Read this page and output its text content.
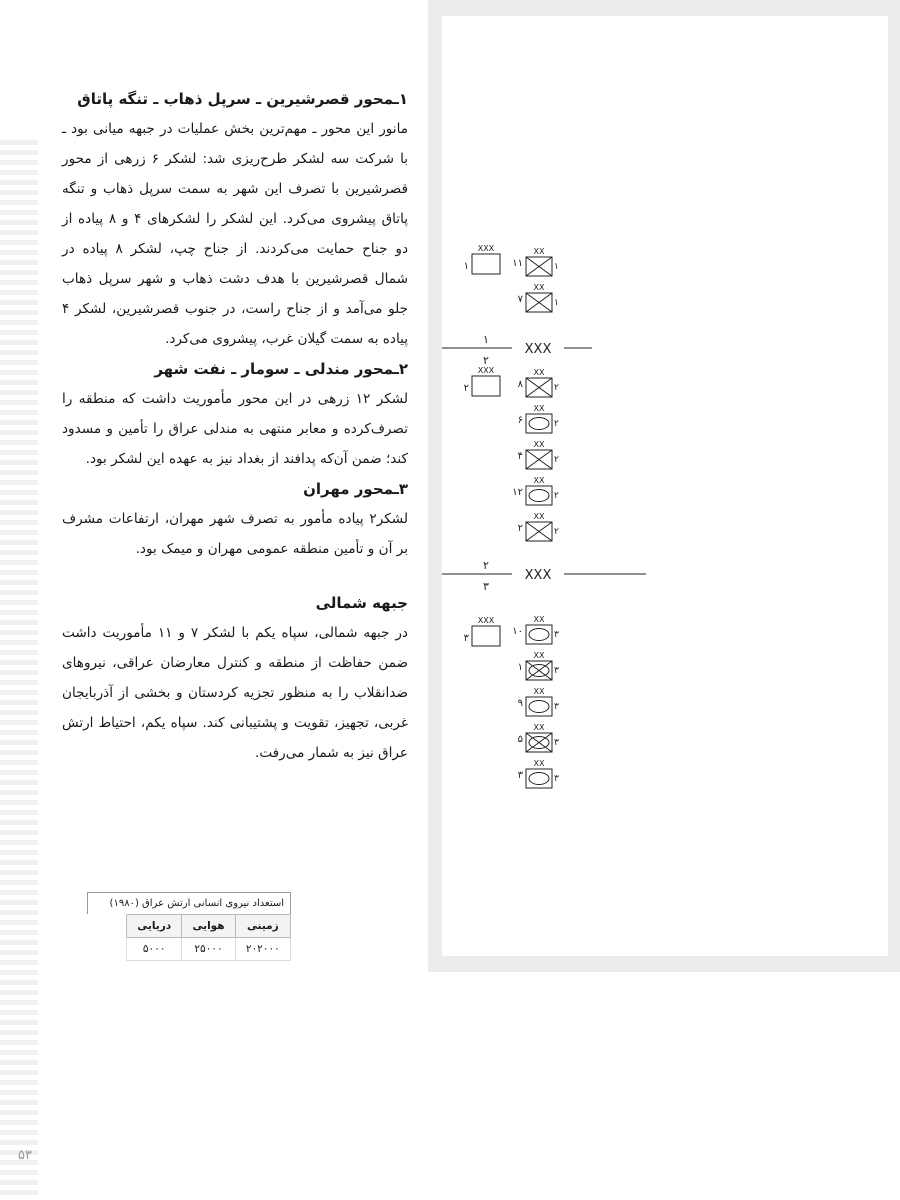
۵۳
۱ـمحور قصرشیرین ـ سرپل ذهاب ـ تنگه پاتاق
مانور این محور ـ مهم‌ترین بخش عملیات در جبهه میانی بود ـ با شرکت سه لشکر طرح‌ریزی شد: لشکر ۶ زرهی از محور قصرشیرین با تصرف این شهر به سمت سرپل ذهاب و تنگه پاتاق پیشروی می‌کرد. این لشکر را لشکرهای ۴ و ۸ پیاده از دو جناح حمایت می‌کردند. از جناح چپ، لشکر ۸ پیاده در شمال قصرشیرین با هدف دشت ذهاب و شهر سرپل ذهاب جلو می‌آمد و از جناح راست، در جنوب قصرشیرین، لشکر ۴ پیاده به سمت گیلان غرب، پیشروی می‌کرد.
۲ـمحور مندلی ـ سومار ـ نفت شهر
لشکر ۱۲ زرهی در این محور مأموریت داشت که منطقه را تصرف‌کرده و معابر منتهی به مندلی عراق را تأمین و مسدود کند؛ ضمن آن‌که پدافند از بغداد نیز به عهده این لشکر بود.
۳ـمحور مهران
لشکر۲ پیاده مأمور به تصرف شهر مهران، ارتفاعات مشرف بر آن و تأمین منطقه عمومی مهران و میمک بود.
جبهه شمالی
در جبهه شمالی، سپاه یکم با لشکر ۷ و ۱۱ مأموریت داشت ضمن حفاظت از منطقه و کنترل معارضان عراقی، نیروهای ضدانقلاب را به منظور تجزیه کردستان و بخشی از آذربایجان غربی، تجهیز، تقویت و پشتیبانی کند. سپاه یکم، احتیاط ارتش عراق نیز به شمار می‌رفت.
استعداد نیروی انسانی ارتش عراق (۱۹۸۰)
زمینی	هوایی	دریایی
۲۰۲۰۰۰	۲۵۰۰۰	۵۰۰۰
XXX
۱
XX
۱۱	۱
XX
۷	۱
XXX
۲
XX
۸	۲
XX
۶	۲
XX
۴	۲
XX
۱۲	۲
XX
۲	۲
XXX
۳
XX
۱۰	۳
XX
۱	۳
XX
۹	۳
XX
۵	۳
XX
۳	۳
XXX
۱
۲
XXX
۲
۳
